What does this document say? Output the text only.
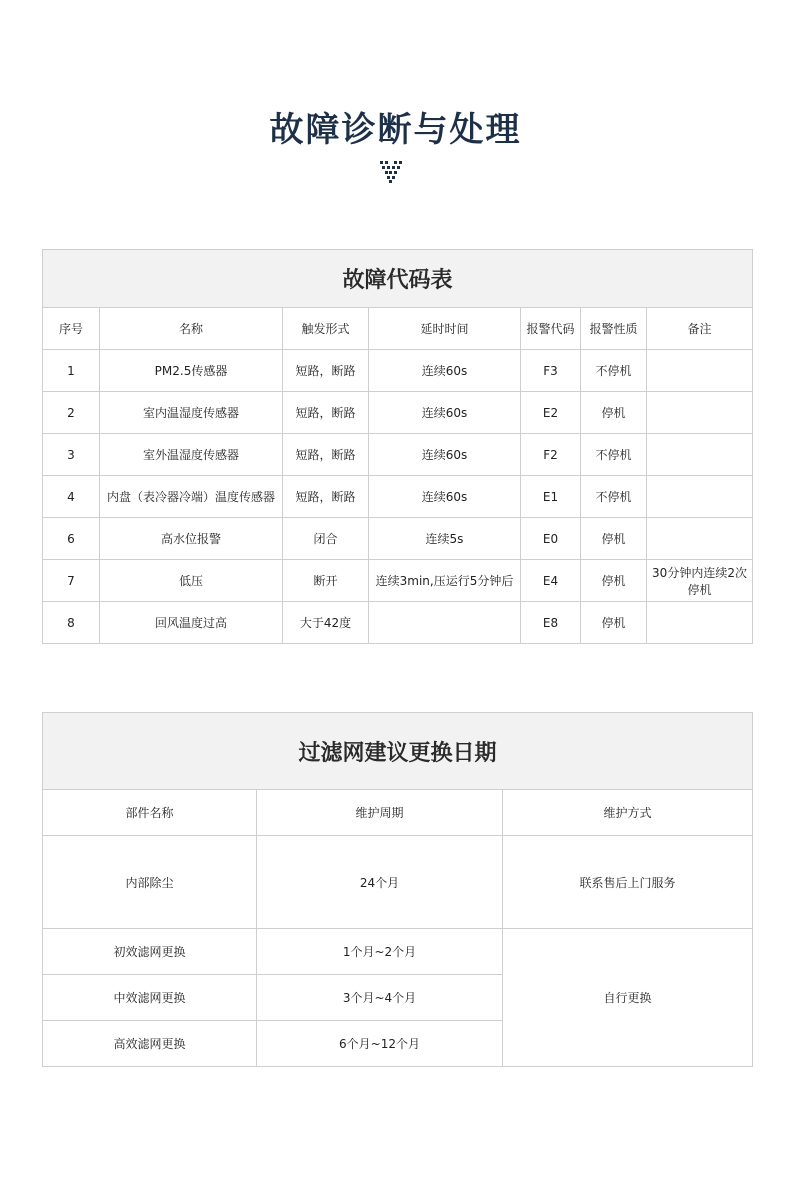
故障诊断与处理
故障代码表						
序号	名称	触发形式	延时时间	报警代码	报警性质	备注
1	PM2.5传感器	短路，断路	连续60s	F3	不停机	
2	室内温湿度传感器	短路，断路	连续60s	E2	停机	
3	室外温湿度传感器	短路，断路	连续60s	F2	不停机	
4	内盘（表冷器冷端）温度传感器	短路，断路	连续60s	E1	不停机	
6	高水位报警	闭合	连续5s	E0	停机	
7	低压	断开	连续3min,压运行5分钟后	E4	停机	30分钟内连续2次停机
8	回风温度过高	大于42度		E8	停机	
过滤网建议更换日期		
部件名称	维护周期	维护方式
内部除尘	24个月	联系售后上门服务
初效滤网更换	1个月~2个月	自行更换
中效滤网更换	3个月~4个月	
高效滤网更换	6个月~12个月	
